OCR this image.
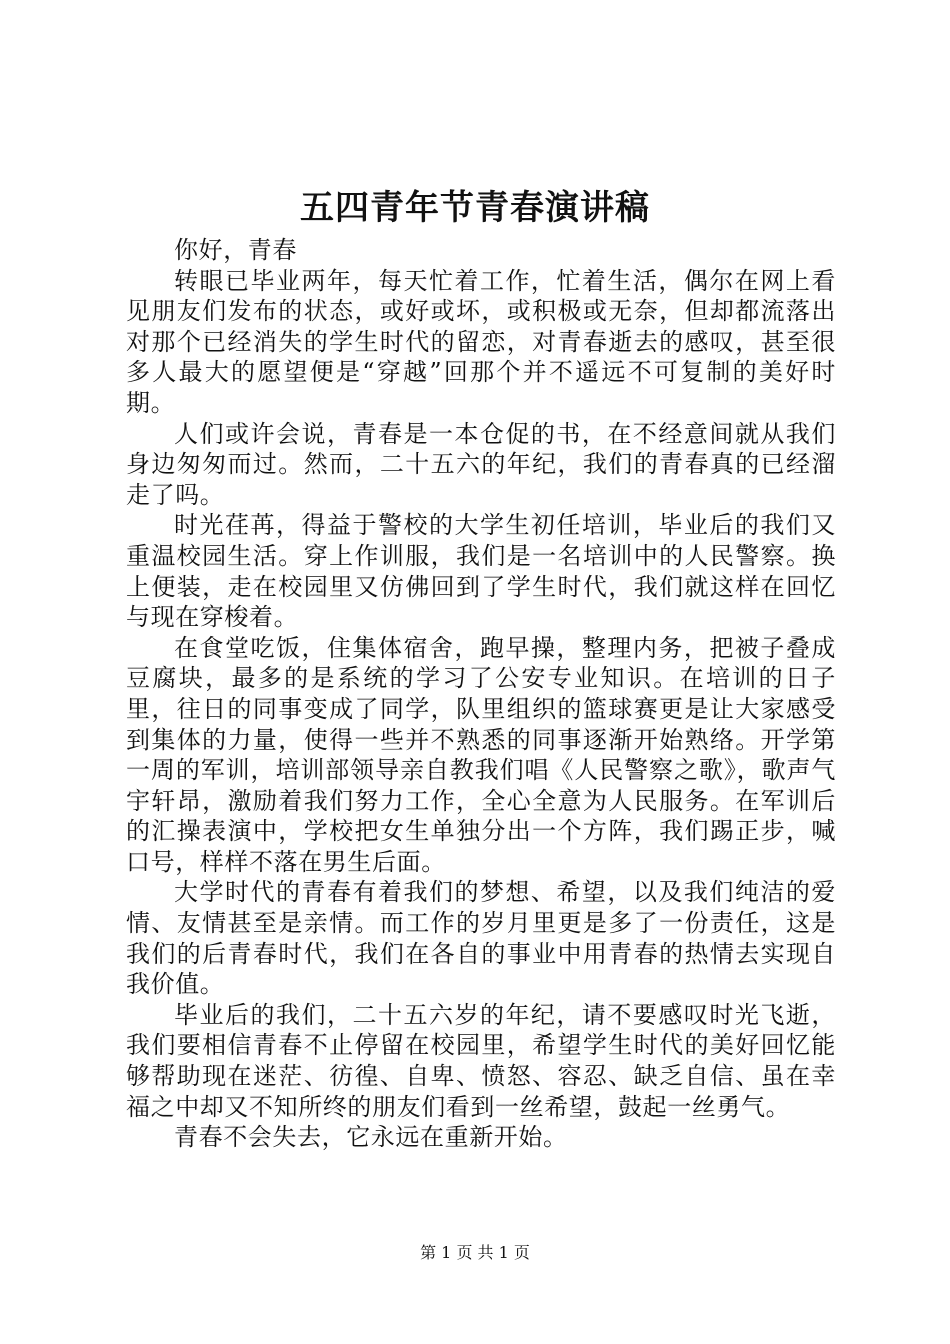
五四青年节青春演讲稿

你好，青春

转眼已毕业两年，每天忙着工作，忙着生活，偶尔在网上看见朋友们发布的状态，或好或坏，或积极或无奈，但却都流落出对那个已经消失的学生时代的留恋，对青春逝去的感叹，甚至很多人最大的愿望便是“穿越”回那个并不遥远不可复制的美好时期。

人们或许会说，青春是一本仓促的书，在不经意间就从我们身边匆匆而过。然而，二十五六的年纪，我们的青春真的已经溜走了吗。

时光荏苒，得益于警校的大学生初任培训，毕业后的我们又重温校园生活。穿上作训服，我们是一名培训中的人民警察。换上便装，走在校园里又仿佛回到了学生时代，我们就这样在回忆与现在穿梭着。

在食堂吃饭，住集体宿舍，跑早操，整理内务，把被子叠成豆腐块，最多的是系统的学习了公安专业知识。在培训的日子里，往日的同事变成了同学，队里组织的篮球赛更是让大家感受到集体的力量，使得一些并不熟悉的同事逐渐开始熟络。开学第一周的军训，培训部领导亲自教我们唱《人民警察之歌》，歌声气宇轩昂，激励着我们努力工作，全心全意为人民服务。在军训后的汇操表演中，学校把女生单独分出一个方阵，我们踢正步，喊口号，样样不落在男生后面。

大学时代的青春有着我们的梦想、希望，以及我们纯洁的爱情、友情甚至是亲情。而工作的岁月里更是多了一份责任，这是我们的后青春时代，我们在各自的事业中用青春的热情去实现自我价值。

毕业后的我们，二十五六岁的年纪，请不要感叹时光飞逝，我们要相信青春不止停留在校园里，希望学生时代的美好回忆能够帮助现在迷茫、彷徨、自卑、愤怒、容忍、缺乏自信、虽在幸福之中却又不知所终的朋友们看到一丝希望，鼓起一丝勇气。

青春不会失去，它永远在重新开始。

第 1 页 共 1 页
